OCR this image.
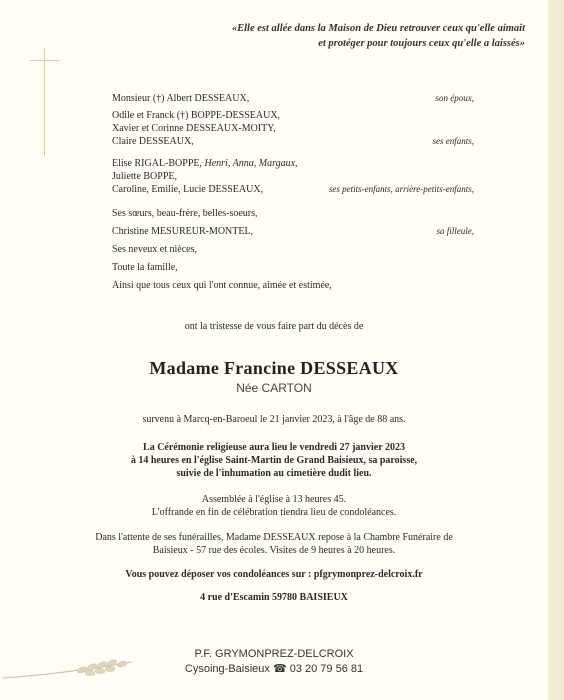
«Elle est allée dans la Maison de Dieu retrouver ceux qu'elle aimait
et protéger pour toujours ceux qu'elle a laissés»
Monsieur (†) Albert DESSEAUX,	son époux,
Odile et Franck (†) BOPPE-DESSEAUX,
Xavier et Corinne DESSEAUX-MOITY,
Claire DESSEAUX,	ses enfants,
Elise RIGAL-BOPPE, Henri, Anna, Margaux,
Juliette BOPPE,
Caroline, Emilie, Lucie DESSEAUX,	ses petits-enfants, arrière-petits-enfants,
Ses sœurs, beau-frère, belles-soeurs,
Christine MESUREUR-MONTEL,	sa filleule,
Ses neveux et nièces,
Toute la famille,
Ainsi que tous ceux qui l'ont connue, aimée et estimée,
ont la tristesse de vous faire part du décès de
Madame Francine DESSEAUX
Née CARTON
survenu à Marcq-en-Baroeul le 21 janvier 2023, à l'âge de 88 ans.
La Cérémonie religieuse aura lieu le vendredi 27 janvier 2023
à 14 heures en l'église Saint-Martin de Grand Baisieux, sa paroisse,
suivie de l'inhumation au cimetière dudit lieu.
Assemblée à l'église à 13 heures 45.
L'offrande en fin de célébration tiendra lieu de condoléances.
Dans l'attente de ses funérailles, Madame DESSEAUX repose à la Chambre Funéraire de
Baisieux - 57 rue des écoles. Visites de 9 heures à 20 heures.
Vous pouvez déposer vos condoléances sur : pfgrymonprez-delcroix.fr
4 rue d'Escamin 59780 BAISIEUX
P.F. GRYMONPREZ-DELCROIX
Cysoing-Baisieux ☎ 03 20 79 56 81
